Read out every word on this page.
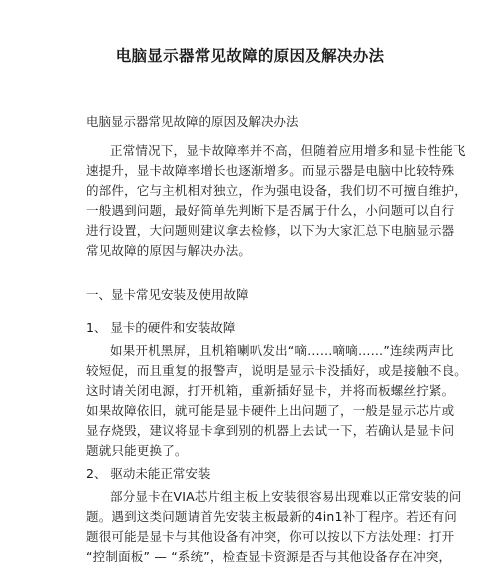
电脑显示器常见故障的原因及解决办法
电脑显示器常见故障的原因及解决办法
正常情况下，显卡故障率并不高，但随着应用增多和显卡性能飞
速提升，显卡故障率增长也逐渐增多。而显示器是电脑中比较特殊
的部件，它与主机相对独立，作为强电设备，我们切不可擅自维护，
一般遇到问题，最好简单先判断下是否属于什么，小问题可以自行
进行设置，大问题则建议拿去检修，以下为大家汇总下电脑显示器
常见故障的原因与解决办法。
一、显卡常见安装及使用故障
1、 显卡的硬件和安装故障
如果开机黑屏，且机箱喇叭发出“嘀……嘀嘀……”连续两声比
较短促，而且重复的报警声，说明是显示卡没插好，或是接触不良。
这时请关闭电源，打开机箱，重新插好显卡，并将而板螺丝拧紧。
如果故障依旧，就可能是显卡硬件上出问题了，一般是显示芯片或
显存烧毁，建议将显卡拿到别的机器上去试一下，若确认是显卡问
题就只能更换了。
2、 驱动未能正常安装
部分显卡在VIA芯片组主板上安装很容易出现难以正常安装的问
题。遇到这类问题请首先安装主板最新的4in1补丁程序。若还有问
题很可能是显卡与其他设备有冲突，你可以按以下方法处理：打开
“控制面板” — “系统”，检查显卡资源是否与其他设备存在冲突，
